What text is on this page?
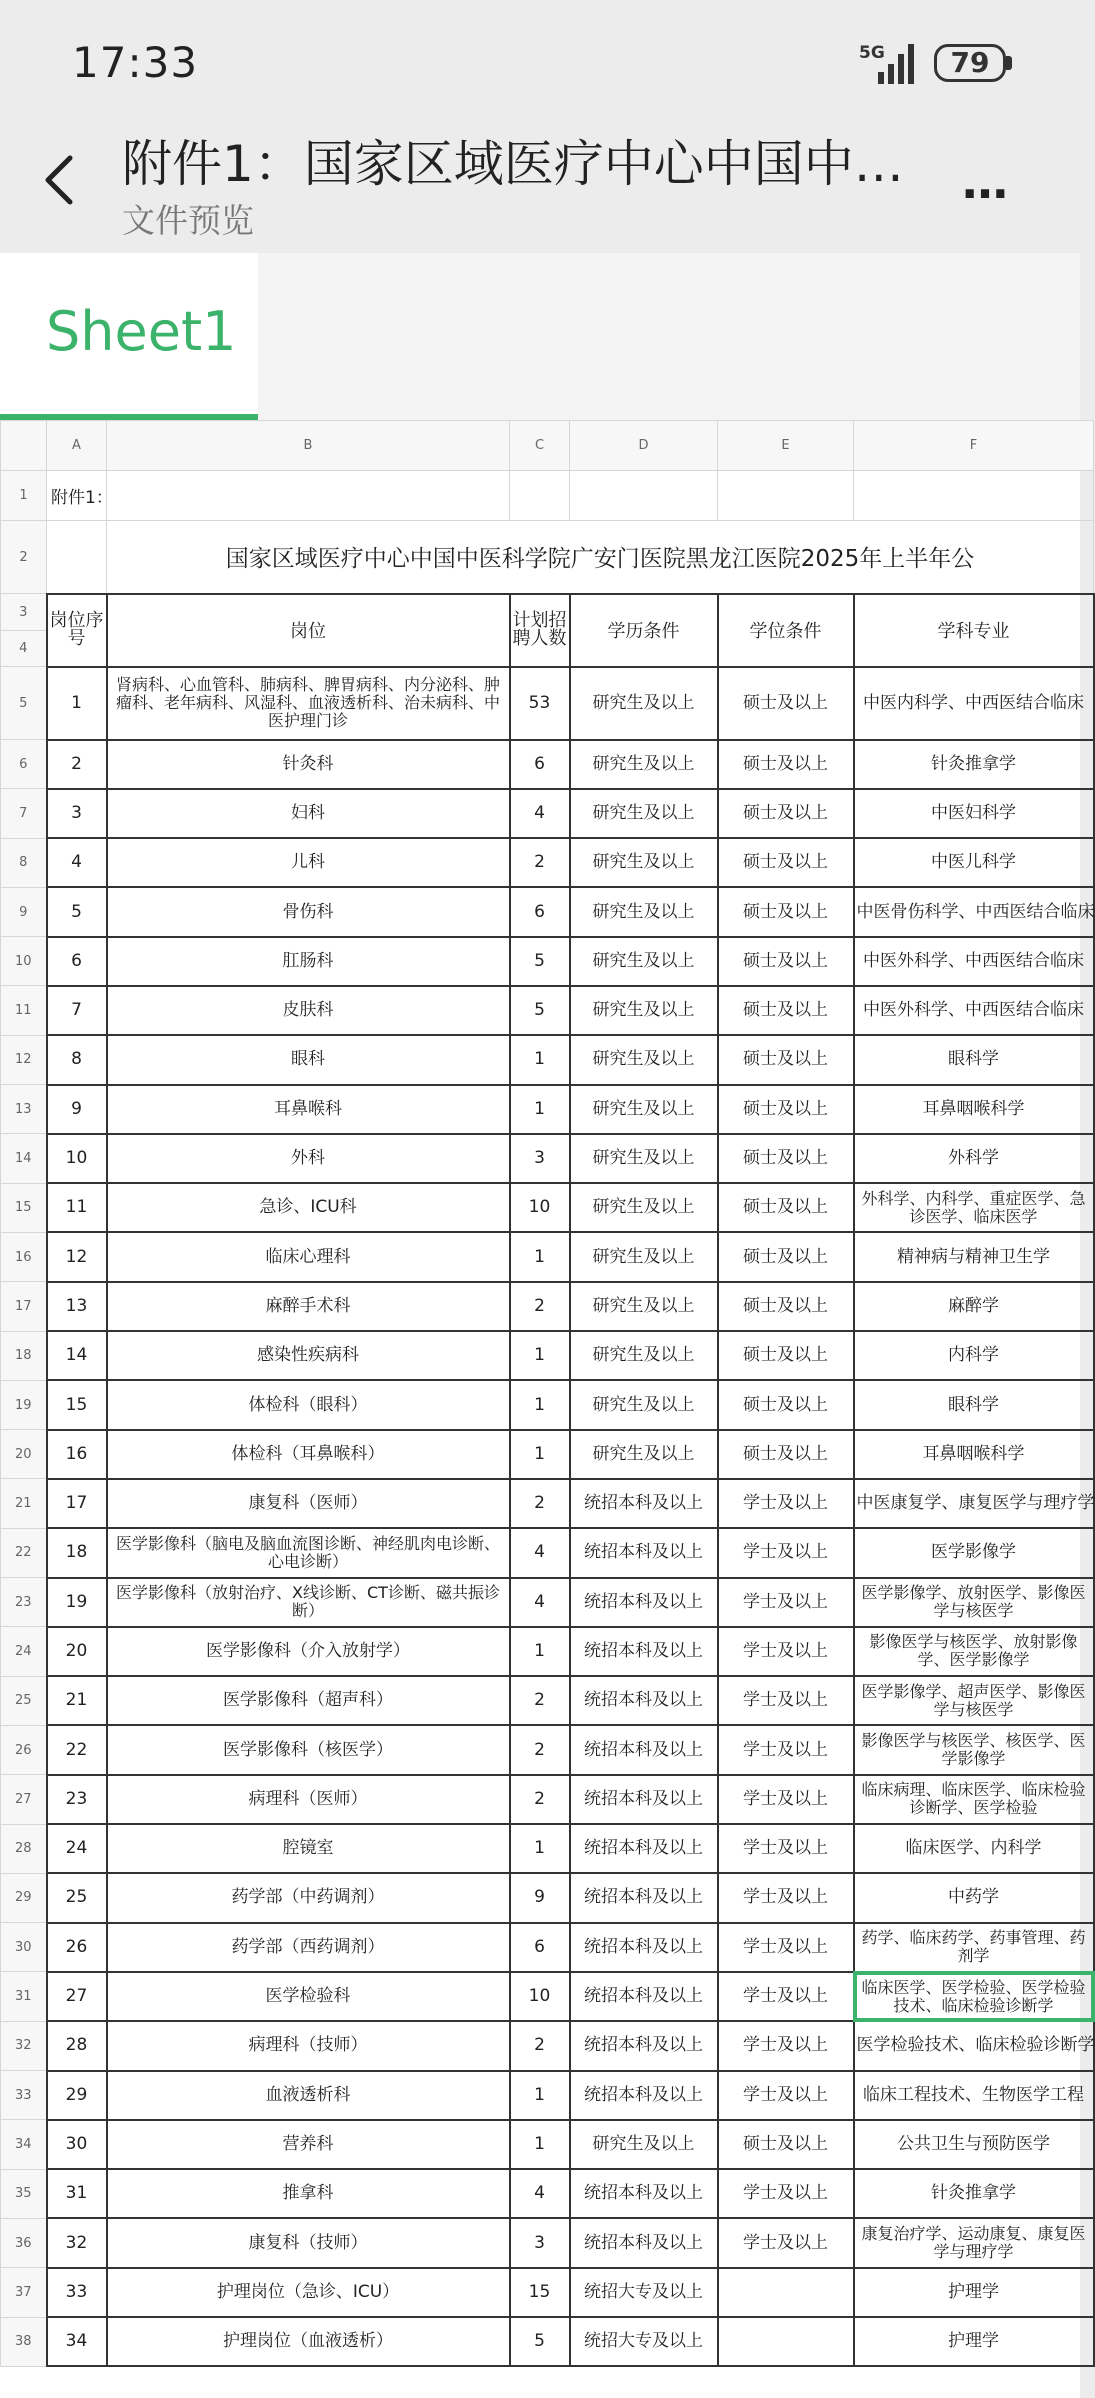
17:33	5G	79
附件1：国家区域医疗中心中国中…
文件预览
…
Sheet1
	A	B	C	D	E	F
1	附件1：					
2		国家区域医疗中心中国中医科学院广安门医院黑龙江医院2025年上半年公				
3	岗位序号	岗位	计划招聘人数	学历条件	学位条件	学科专业
4						
5	1	肾病科、心血管科、肺病科、脾胃病科、内分泌科、肿瘤科、老年病科、风湿科、血液透析科、治未病科、中医护理门诊	53	研究生及以上	硕士及以上	中医内科学、中西医结合临床
6	2	针灸科	6	研究生及以上	硕士及以上	针灸推拿学
7	3	妇科	4	研究生及以上	硕士及以上	中医妇科学
8	4	儿科	2	研究生及以上	硕士及以上	中医儿科学
9	5	骨伤科	6	研究生及以上	硕士及以上	中医骨伤科学、中西医结合临床
10	6	肛肠科	5	研究生及以上	硕士及以上	中医外科学、中西医结合临床
11	7	皮肤科	5	研究生及以上	硕士及以上	中医外科学、中西医结合临床
12	8	眼科	1	研究生及以上	硕士及以上	眼科学
13	9	耳鼻喉科	1	研究生及以上	硕士及以上	耳鼻咽喉科学
14	10	外科	3	研究生及以上	硕士及以上	外科学
15	11	急诊、ICU科	10	研究生及以上	硕士及以上	外科学、内科学、重症医学、急诊医学、临床医学
16	12	临床心理科	1	研究生及以上	硕士及以上	精神病与精神卫生学
17	13	麻醉手术科	2	研究生及以上	硕士及以上	麻醉学
18	14	感染性疾病科	1	研究生及以上	硕士及以上	内科学
19	15	体检科（眼科）	1	研究生及以上	硕士及以上	眼科学
20	16	体检科（耳鼻喉科）	1	研究生及以上	硕士及以上	耳鼻咽喉科学
21	17	康复科（医师）	2	统招本科及以上	学士及以上	中医康复学、康复医学与理疗学
22	18	医学影像科（脑电及脑血流图诊断、神经肌肉电诊断、心电诊断）	4	统招本科及以上	学士及以上	医学影像学
23	19	医学影像科（放射治疗、X线诊断、CT诊断、磁共振诊断）	4	统招本科及以上	学士及以上	医学影像学、放射医学、影像医学与核医学
24	20	医学影像科（介入放射学）	1	统招本科及以上	学士及以上	影像医学与核医学、放射影像学、医学影像学
25	21	医学影像科（超声科）	2	统招本科及以上	学士及以上	医学影像学、超声医学、影像医学与核医学
26	22	医学影像科（核医学）	2	统招本科及以上	学士及以上	影像医学与核医学、核医学、医学影像学
27	23	病理科（医师）	2	统招本科及以上	学士及以上	临床病理、临床医学、临床检验诊断学、医学检验
28	24	腔镜室	1	统招本科及以上	学士及以上	临床医学、内科学
29	25	药学部（中药调剂）	9	统招本科及以上	学士及以上	中药学
30	26	药学部（西药调剂）	6	统招本科及以上	学士及以上	药学、临床药学、药事管理、药剂学
31	27	医学检验科	10	统招本科及以上	学士及以上	临床医学、医学检验、医学检验技术、临床检验诊断学
32	28	病理科（技师）	2	统招本科及以上	学士及以上	医学检验技术、临床检验诊断学
33	29	血液透析科	1	统招本科及以上	学士及以上	临床工程技术、生物医学工程
34	30	营养科	1	研究生及以上	硕士及以上	公共卫生与预防医学
35	31	推拿科	4	统招本科及以上	学士及以上	针灸推拿学
36	32	康复科（技师）	3	统招本科及以上	学士及以上	康复治疗学、运动康复、康复医学与理疗学
37	33	护理岗位（急诊、ICU）	15	统招大专及以上		护理学
38	34	护理岗位（血液透析）	5	统招大专及以上		护理学
